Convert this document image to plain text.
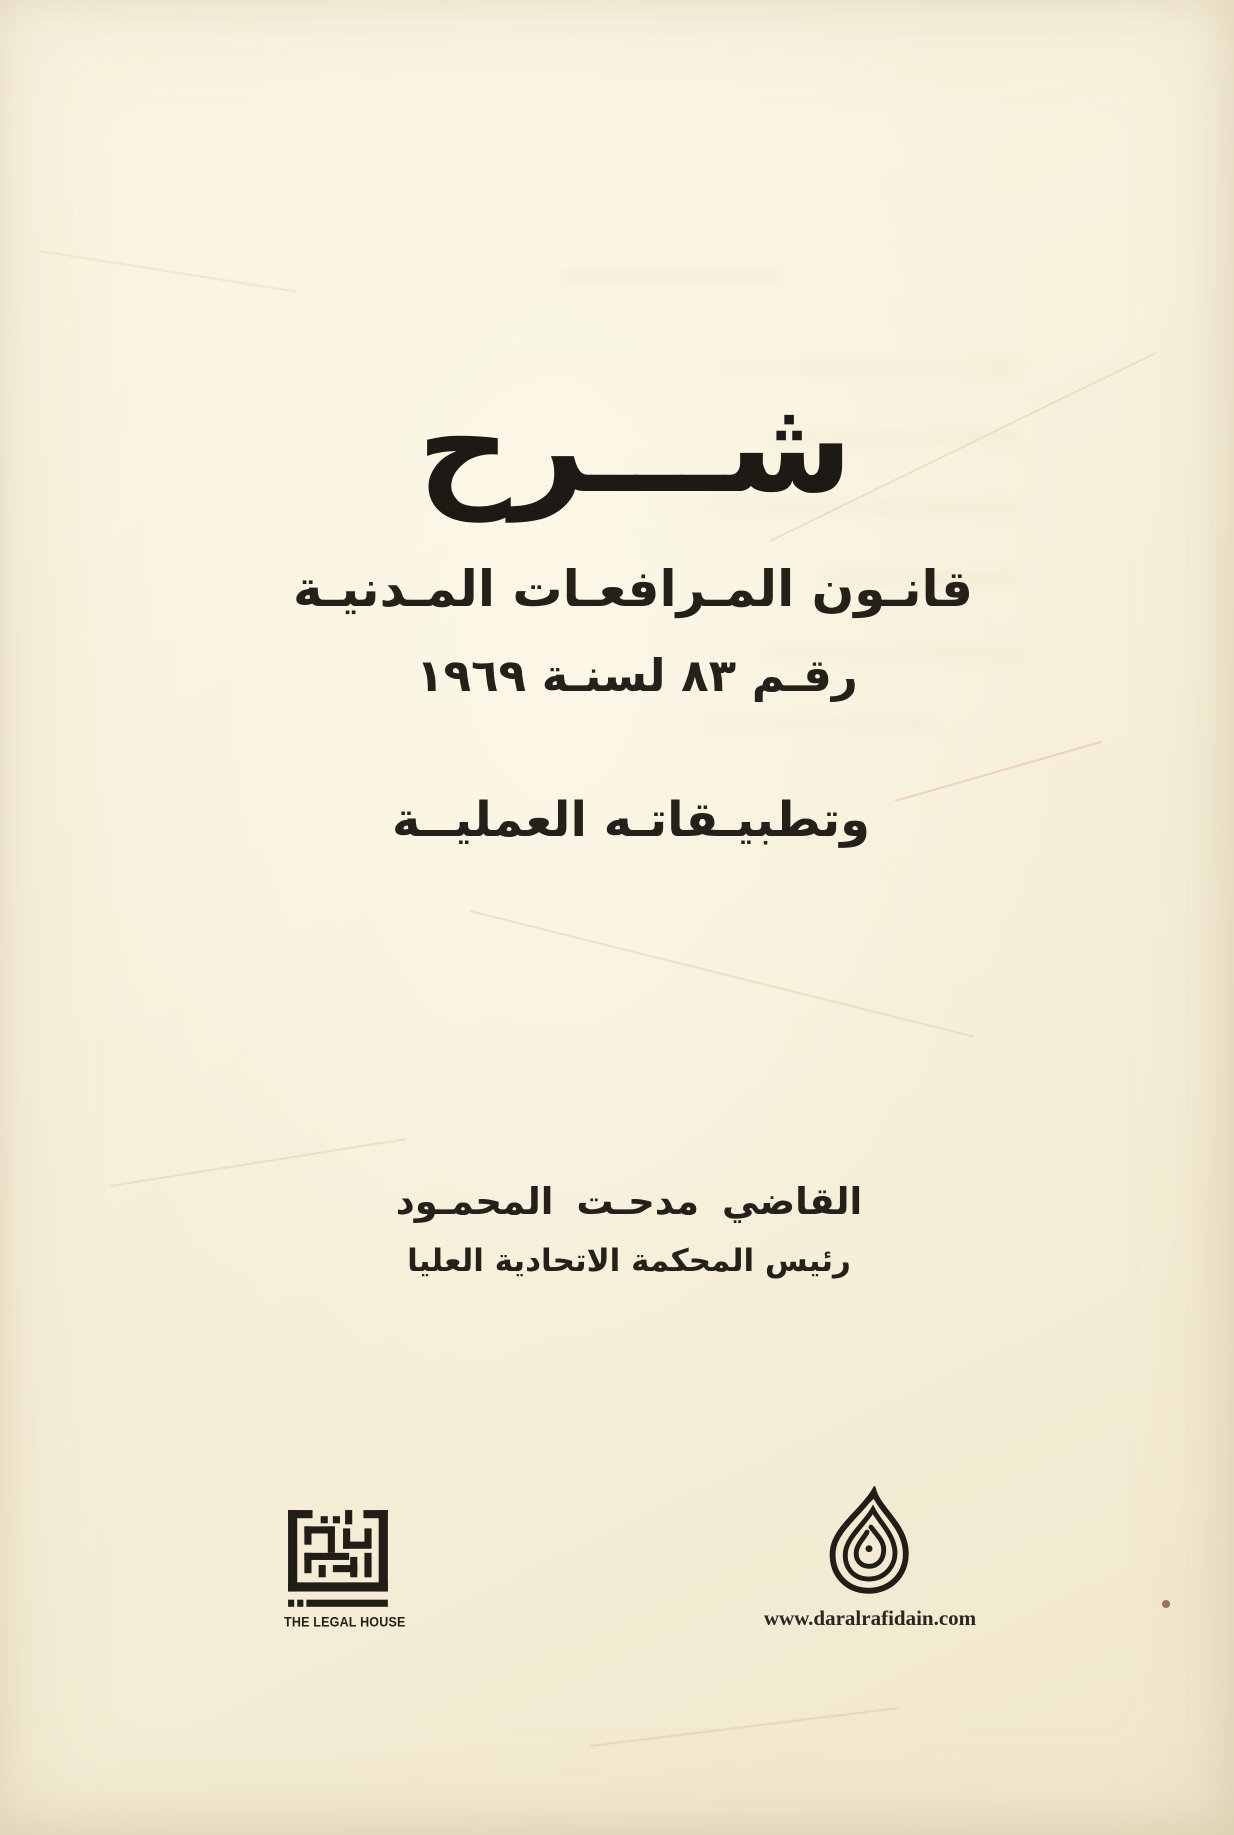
شـــرح
قانـون المـرافعـات المـدنيـة
رقـم ٨٣ لسنـة ١٩٦٩
وتطبيـقاتـه العمليــة
القاضي مدحـت المحمـود
رئيس المحكمة الاتحادية العليا
THE LEGAL HOUSE	www.daralrafidain.com
